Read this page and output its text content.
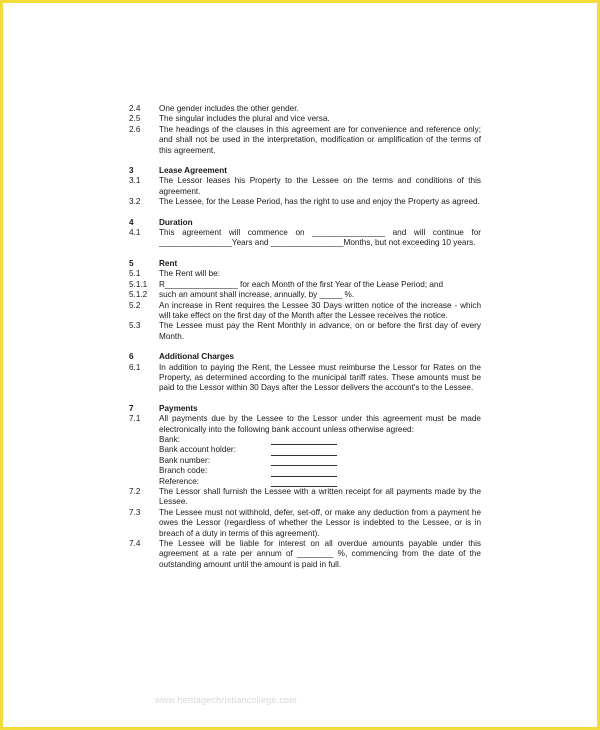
2.4	One gender includes the other gender.
2.5	The singular includes the plural and vice versa.
2.6	The headings of the clauses in this agreement are for convenience and reference only; and shall not be used in the interpretation, modification or amplification of the terms of this agreement.
3	Lease Agreement
3.1	The Lessor leases his Property to the Lessee on the terms and conditions of this agreement.
3.2	The Lessee, for the Lease Period, has the right to use and enjoy the Property as agreed.
4	Duration
4.1	This agreement will commence on ________________ and will continue for ________________Years and ________________Months, but not exceeding 10 years.
5	Rent
5.1	The Rent will be:
5.1.1	R________________ for each Month of the first Year of the Lease Period; and
5.1.2	such an amount shall increase, annually, by _____ %.
5.2	An increase in Rent requires the Lessee 30 Days written notice of the increase - which will take effect on the first day of the Month after the Lessee receives the notice.
5.3	The Lessee must pay the Rent Monthly in advance, on or before the first day of every Month.
6	Additional Charges
6.1	In addition to paying the Rent, the Lessee must reimburse the Lessor for Rates on the Property, as determined according to the municipal tariff rates. These amounts must be paid to the Lessor within 30 Days after the Lessor delivers the account's to the Lessee.
7	Payments
7.1	All payments due by the Lessee to the Lessor under this agreement must be made electronically into the following bank account unless otherwise agreed:
Bank:
Bank account holder:
Bank number:
Branch code:
Reference:
7.2	The Lessor shall furnish the Lessee with a written receipt for all payments made by the Lessee.
7.3	The Lessee must not withhold, defer, set-off, or make any deduction from a payment he owes the Lessor (regardless of whether the Lessor is indebted to the Lessee, or is in breach of a duty in terms of this agreement).
7.4	The Lessee will be liable for interest on all overdue amounts payable under this agreement at a rate per annum of ________ %, commencing from the date of the outstanding amount until the amount is paid in full.
www.heritagechristiancollege.com
